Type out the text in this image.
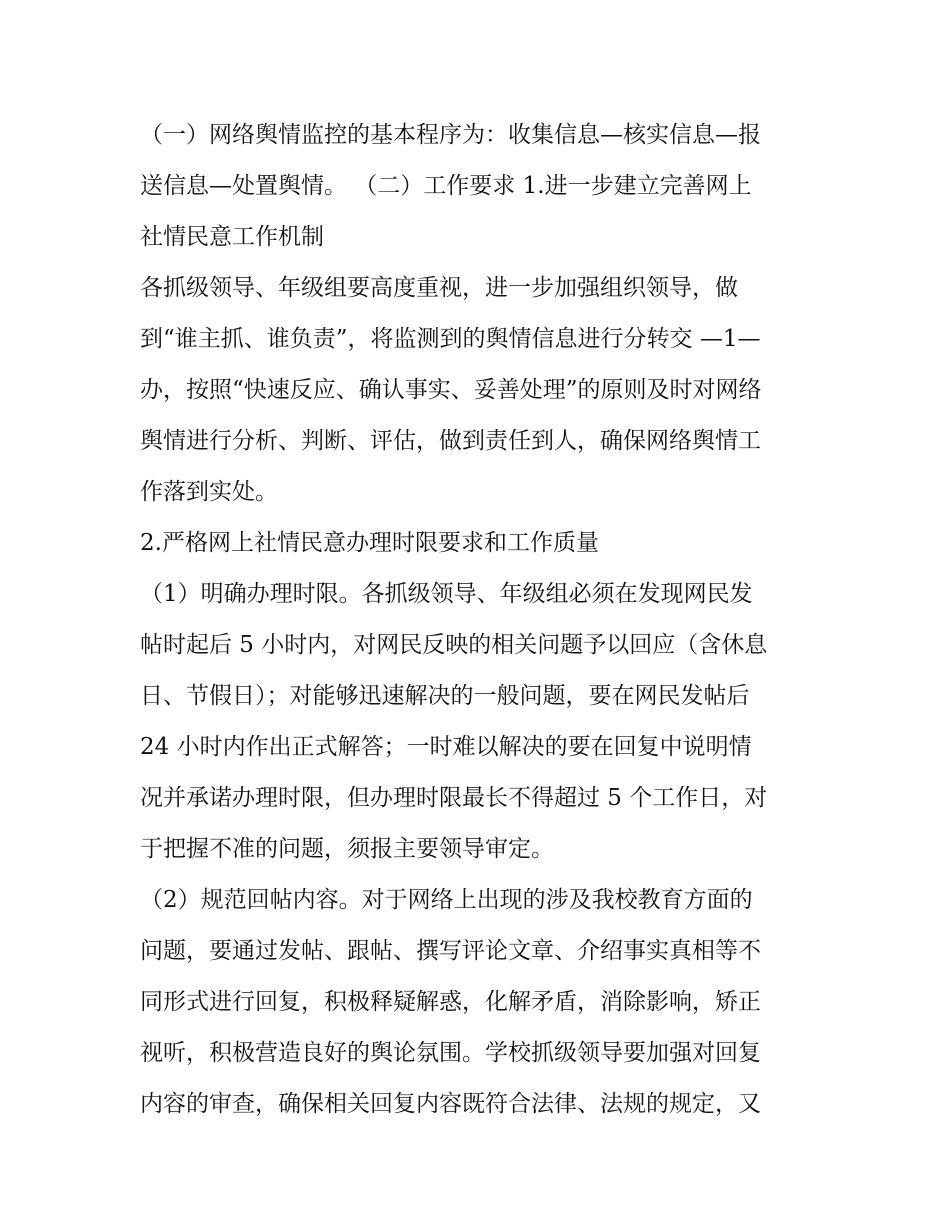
（一）网络舆情监控的基本程序为：收集信息—核实信息—报
送信息—处置舆情。 （二）工作要求 1.进一步建立完善网上
社情民意工作机制
各抓级领导、年级组要高度重视，进一步加强组织领导，做
到“谁主抓、谁负责”，将监测到的舆情信息进行分转交 —1—
办，按照“快速反应、确认事实、妥善处理”的原则及时对网络
舆情进行分析、判断、评估，做到责任到人，确保网络舆情工
作落到实处。
2.严格网上社情民意办理时限要求和工作质量
（1）明确办理时限。各抓级领导、年级组必须在发现网民发
帖时起后 5 小时内，对网民反映的相关问题予以回应（含休息
日、节假日）；对能够迅速解决的一般问题，要在网民发帖后
24 小时内作出正式解答；一时难以解决的要在回复中说明情
况并承诺办理时限，但办理时限最长不得超过 5 个工作日，对
于把握不准的问题，须报主要领导审定。
（2）规范回帖内容。对于网络上出现的涉及我校教育方面的
问题，要通过发帖、跟帖、撰写评论文章、介绍事实真相等不
同形式进行回复，积极释疑解惑，化解矛盾，消除影响，矫正
视听，积极营造良好的舆论氛围。学校抓级领导要加强对回复
内容的审查，确保相关回复内容既符合法律、法规的规定，又
